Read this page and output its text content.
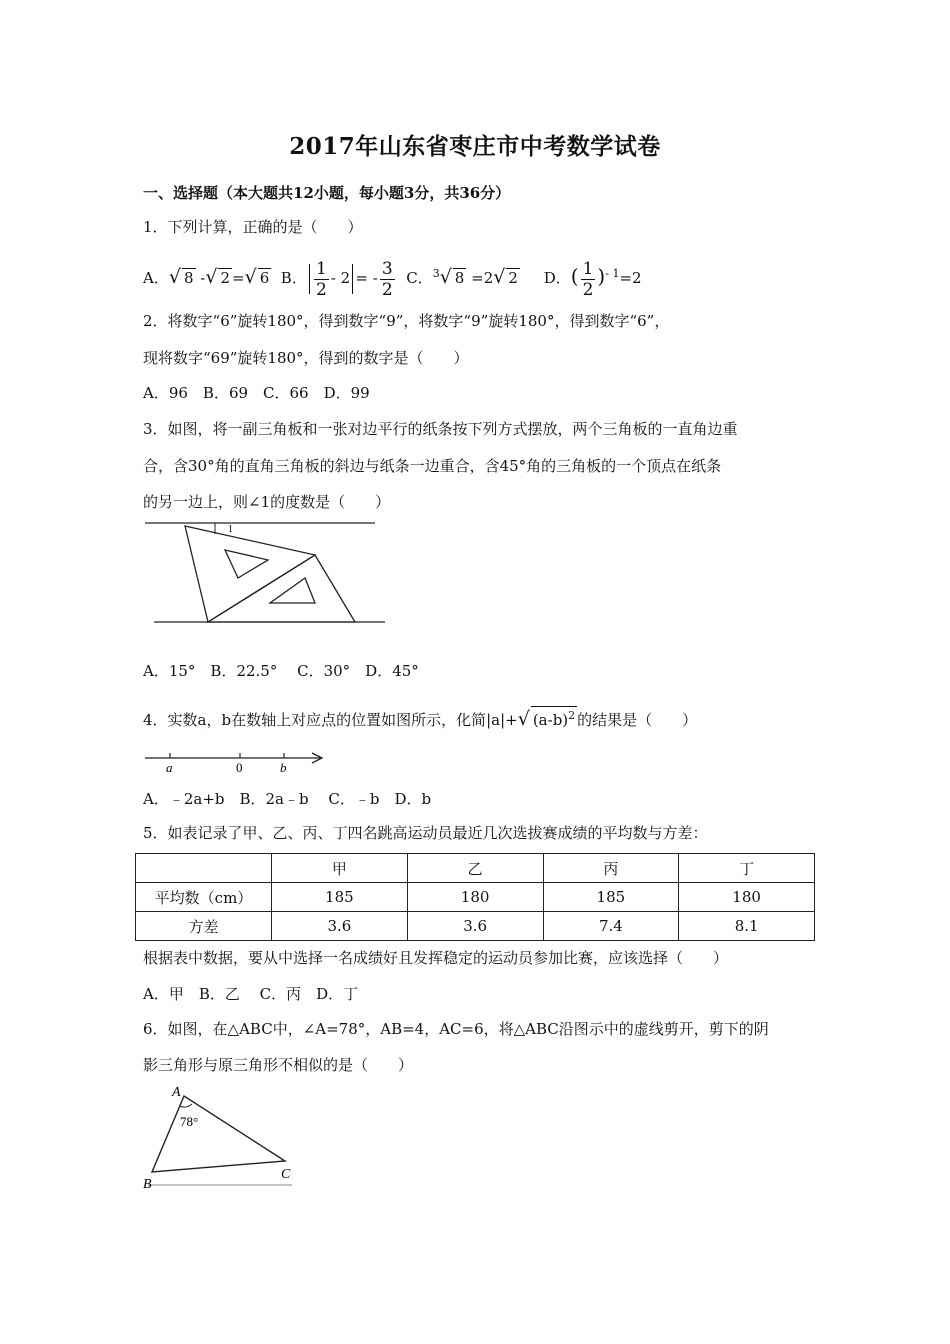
2017年山东省枣庄市中考数学试卷
一、选择题（本大题共12小题，每小题3分，共36分）
1．下列计算，正确的是（　　）
A．√ 8 -√ 2 =√ 6 B． $\frac{1}{2} - 2$ = - $\frac{3}{2}$ C．$^3$√ 8 =2√ 2 D．( $\frac{1}{2} )^{- 1}=2$
2．将数字“6”旋转180°，得到数字“9”，将数字“9”旋转180°，得到数字“6”，
现将数字“69”旋转180°，得到的数字是（　　）
A．96　B．69　C．66　D．99
3．如图，将一副三角板和一张对边平行的纸条按下列方式摆放，两个三角板的一直角边重
合，含30°角的直角三角板的斜边与纸条一边重合，含45°角的三角板的一个顶点在纸条
的另一边上，则∠1的度数是（　　）
1
A．15°　B．22.5°　 C．30°　D．45°
4．实数a，b在数轴上对应点的位置如图所示，化简|a|+√ $(a-b)^2$ 的结果是（　　）
a	0	b
A．﹣2a+b　B．2a﹣b　 C．﹣b　D．b
5．如表记录了甲、乙、丙、丁四名跳高运动员最近几次选拔赛成绩的平均数与方差：
	甲	乙	丙	丁
平均数（cm）	185	180	185	180
方差	3.6	3.6	7.4	8.1
根据表中数据，要从中选择一名成绩好且发挥稳定的运动员参加比赛，应该选择（　　）
A．甲　B．乙　 C．丙　D．丁
6．如图，在△ABC中，∠A=78°，AB=4，AC=6，将△ABC沿图示中的虚线剪开，剪下的阴
影三角形与原三角形不相似的是（　　）
A
B
C
78°
